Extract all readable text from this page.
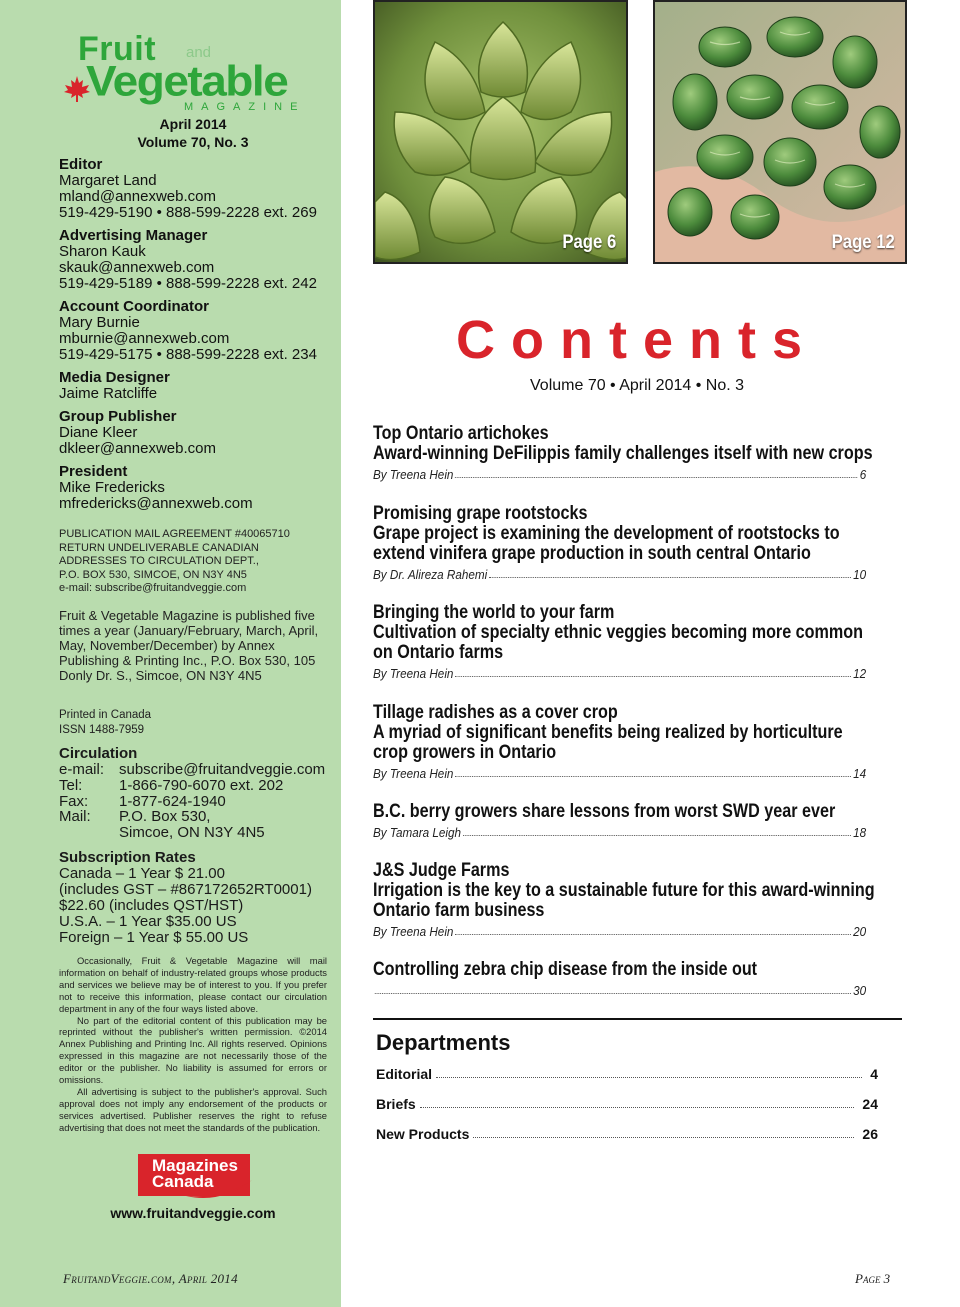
Fruit and
Vegetable
MAGAZINE
April 2014
Volume 70, No. 3
Editor
Margaret Land
mland@annexweb.com
519-429-5190 • 888-599-2228 ext. 269
Advertising Manager
Sharon Kauk
skauk@annexweb.com
519-429-5189 • 888-599-2228 ext. 242
Account Coordinator
Mary Burnie
mburnie@annexweb.com
519-429-5175 • 888-599-2228 ext. 234
Media Designer
Jaime Ratcliffe
Group Publisher
Diane Kleer
dkleer@annexweb.com
President
Mike Fredericks
mfredericks@annexweb.com
PUBLICATION MAIL AGREEMENT #40065710
RETURN UNDELIVERABLE CANADIAN
ADDRESSES TO CIRCULATION DEPT.,
P.O. BOX 530, SIMCOE, ON N3Y 4N5
e-mail: subscribe@fruitandveggie.com
Fruit & Vegetable Magazine is published five times a year (January/February, March, April, May, November/December) by Annex Publishing & Printing Inc., P.O. Box 530, 105 Donly Dr. S., Simcoe, ON N3Y 4N5
Printed in Canada
ISSN 1488-7959
Circulation
e-mail: subscribe@fruitandveggie.com
Tel:	1-866-790-6070 ext. 202
Fax:	1-877-624-1940
Mail:	P.O. Box 530,
Simcoe, ON N3Y 4N5
Subscription Rates
Canada – 1 Year $ 21.00
(includes GST – #867172652RT0001)
$22.60 (includes QST/HST)
U.S.A. – 1 Year $35.00 US
Foreign – 1 Year $ 55.00 US

Occasionally, Fruit & Vegetable Magazine will mail information on behalf of industry-related groups whose products and services we believe may be of interest to you. If you prefer not to receive this information, please contact our circulation department in any of the four ways listed above.

No part of the editorial content of this publication may be reprinted without the publisher's written permission. ©2014 Annex Publishing and Printing Inc. All rights reserved. Opinions expressed in this magazine are not necessarily those of the editor or the publisher. No liability is assumed for errors or omissions.

All advertising is subject to the publisher's approval. Such approval does not imply any endorsement of the products or services advertised. Publisher reserves the right to refuse advertising that does not meet the standards of the publication.

Magazines
Canada
www.fruitandveggie.com
FruitandVeggie.com, April 2014
Page 6	Page 12
Contents
Volume 70 • April 2014 • No. 3
Top Ontario artichokes
Award-winning DeFilippis family challenges itself with new crops
By Treena Hein	6
Promising grape rootstocks
Grape project is examining the development of rootstocks to
extend vinifera grape production in south central Ontario
By Dr. Alireza Rahemi	10
Bringing the world to your farm
Cultivation of specialty ethnic veggies becoming more common
on Ontario farms
By Treena Hein	12
Tillage radishes as a cover crop
A myriad of significant benefits being realized by horticulture
crop growers in Ontario
By Treena Hein	14
B.C. berry growers share lessons from worst SWD year ever
By Tamara Leigh	18
J&S Judge Farms
Irrigation is the key to a sustainable future for this award-winning
Ontario farm business
By Treena Hein	20
Controlling zebra chip disease from the inside out
30
Departments
Editorial	4
Briefs	24
New Products	26
Page 3
